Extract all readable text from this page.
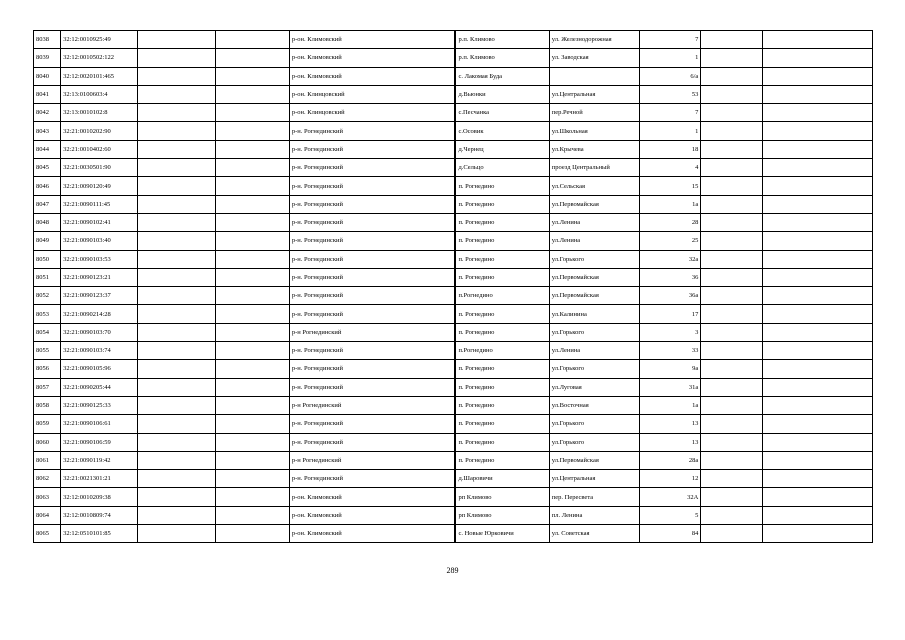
8038	32:12:0010925:49			р-он. Климовский		р.п. Климово	ул. Железнодорожная	7		
8039	32:12:0010502:122			р-он. Климовский		р.п. Климово	ул. Заводская	1		
8040	32:12:0020101:465			р-он. Климовский		с. Лакомая Буда		6/а		
8041	32:13:0100603:4			р-он. Клинцовский		д.Вьюнки	ул.Центральная	53		
8042	32:13:0010102:8			р-он. Клинцовский		с.Песчанка	пер.Речной	7		
8043	32:21:0010202:90			р-н. Рогнединский		с.Осовик	ул.Школьная	1		
8044	32:21:0010402:60			р-н. Рогнединский		д.Чернец	ул.Крычева	18		
8045	32:21:0030501:90			р-н. Рогнединский		д.Сельцо	проезд Центральный	4		
8046	32:21:0090120:49			р-н. Рогнединский		п. Рогнедино	ул.Сельская	15		
8047	32:21:0090111:45			р-н. Рогнединский		п. Рогнедино	ул.Первомайская	1а		
8048	32:21:0090102:41			р-н. Рогнединский		п. Рогнедино	ул.Ленина	28		
8049	32:21:0090103:40			р-н. Рогнединский		п. Рогнедино	ул.Ленина	25		
8050	32:21:0090103:53			р-н. Рогнединский		п. Рогнедино	ул.Горького	32а		
8051	32:21:0090123:21			р-н. Рогнединский		п. Рогнедино	ул.Первомайская	36		
8052	32:21:0090123:37			р-н. Рогнединский		п.Рогнедино	ул.Первомайская	36а		
8053	32:21:0090214:28			р-н. Рогнединский		п. Рогнедино	ул.Калинина	17		
8054	32:21:0090103:70			р-н Рогнединский		п. Рогнедино	ул.Горького	3		
8055	32:21:0090103:74			р-н. Рогнединский		п.Рогнедино	ул.Ленина	33		
8056	32:21:0090105:96			р-н. Рогнединский		п. Рогнедино	ул.Горького	9а		
8057	32:21:0090205:44			р-н. Рогнединский		п. Рогнедино	ул.Луговая	31а		
8058	32:21:0090125:33			р-н Рогнединский		п. Рогнедино	ул.Восточная	1а		
8059	32:21:0090106:61			р-н. Рогнединский		п. Рогнедино	ул.Горького	13		
8060	32:21:0090106:59			р-н. Рогнединский		п. Рогнедино	ул.Горького	13		
8061	32:21:0090119:42			р-н Рогнединский		п. Рогнедино	ул.Первомайская	28а		
8062	32:21:0021301:21			р-н. Рогнединский		д.Шаровичи	ул.Центральная	12		
8063	32:12:0010209:38			р-он. Климовский		рп Климово	пер. Пересвета	32А		
8064	32:12:0010809:74			р-он. Климовский		рп Климово	пл. Ленина	5		
8065	32:12:0510101:85			р-он. Климовский		с. Новые Юрковичи	ул. Советская	84		
289
